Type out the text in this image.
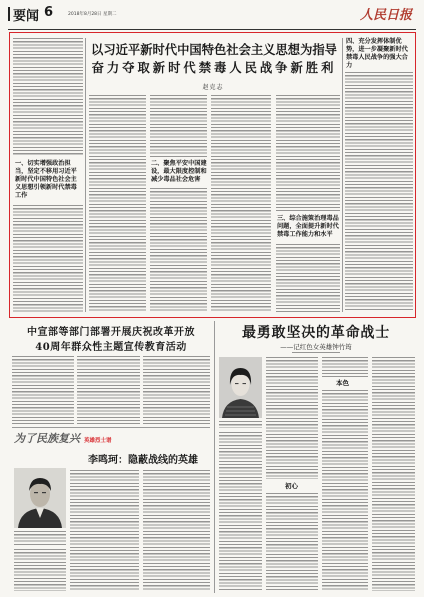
要闻 6	2018年8月28日 星期二	人民日报
以习近平新时代中国特色社会主义思想为指导
奋力夺取新时代禁毒人民战争新胜利
赵克志
一、切实增强政治担当，坚定不移用习近平新时代中国特色社会主义思想引领新时代禁毒工作
二、聚焦平安中国建设，最大限度控制和减少毒品社会危害
三、综合施策治理毒品问题，全面提升新时代禁毒工作能力和水平
四、充分发挥体制优势，进一步凝聚新时代禁毒人民战争的强大合力
中宣部等部门部署开展庆祝改革开放
40周年群众性主题宣传教育活动
为了民族复兴 英雄烈士谱
李鸣珂：隐蔽战线的英雄
最勇敢坚决的革命战士
——记红色女英雄钟竹筠
初心
本色
